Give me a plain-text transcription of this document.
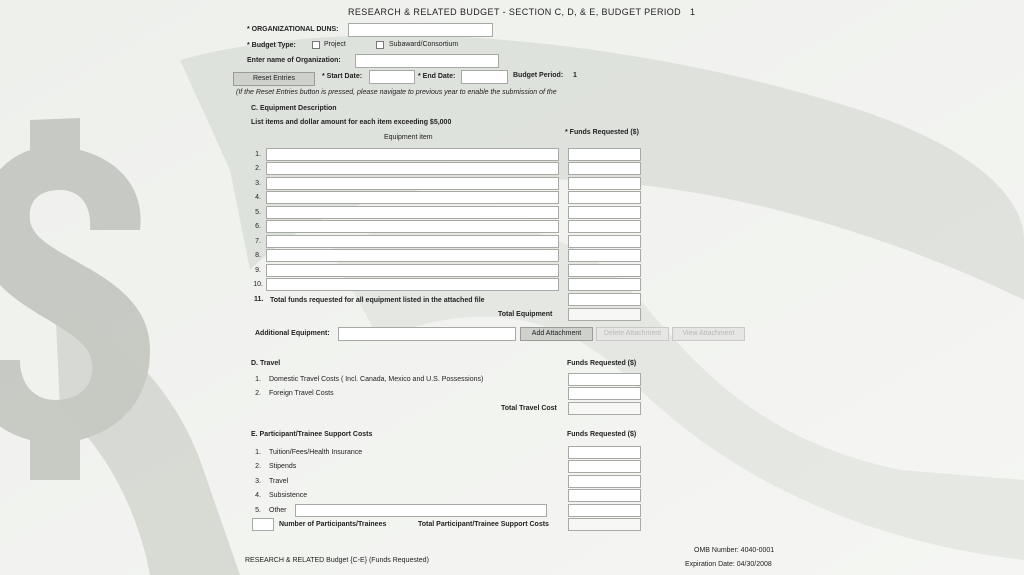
RESEARCH & RELATED BUDGET - SECTION C, D, & E, BUDGET PERIOD 1
* ORGANIZATIONAL DUNS:
* Budget Type:	Project	Subaward/Consortium
Enter name of Organization:
Reset Entries	* Start Date:	* End Date:	Budget Period: 1
(If the Reset Entries button is pressed, please navigate to previous year to enable the submission of the
C. Equipment Description
List items and dollar amount for each item exceeding $5,000
* Funds Requested ($)
Equipment item
1.
2.
3.
4.
5.
6.
7.
8.
9.
10.
11. Total funds requested for all equipment listed in the attached file
Total Equipment
Additional Equipment:	Add Attachment	Delete Attachment	View Attachment
D. Travel	Funds Requested ($)
1. Domestic Travel Costs ( Incl. Canada, Mexico and U.S. Possessions)
2. Foreign Travel Costs
Total Travel Cost
E. Participant/Trainee Support Costs	Funds Requested ($)
1. Tuition/Fees/Health Insurance
2. Stipends
3. Travel
4. Subsistence
5. Other
Number of Participants/Trainees	Total Participant/Trainee Support Costs
RESEARCH & RELATED Budget {C-E} (Funds Requested)
OMB Number: 4040-0001
Expiration Date: 04/30/2008
